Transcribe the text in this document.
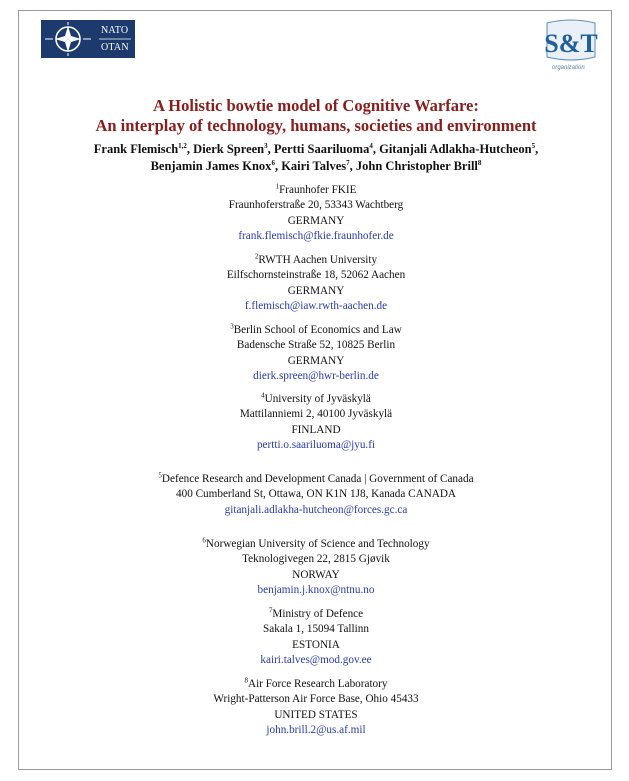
NATO
OTAN	S&T
organization
A Holistic bowtie model of Cognitive Warfare:
An interplay of technology, humans, societies and environment
Frank Flemisch$^{1,2}$, Dierk Spreen$^3$, Pertti Saariluoma$^4$, Gitanjali Adlakha-Hutcheon$^5$,
Benjamin James Knox$^6$, Kairi Talves$^7$, John Christopher Brill$^8$
$^1$Fraunhofer FKIE
Fraunhoferstraße 20, 53343 Wachtberg
GERMANY
frank.flemisch@fkie.fraunhofer.de
$^2$RWTH Aachen University
Eilfschornsteinstraße 18, 52062 Aachen
GERMANY
f.flemisch@iaw.rwth-aachen.de
$^3$Berlin School of Economics and Law
Badensche Straße 52, 10825 Berlin
GERMANY
dierk.spreen@hwr-berlin.de
$^4$University of Jyväskylä
Mattilanniemi 2, 40100 Jyväskylä
FINLAND
pertti.o.saariluoma@jyu.fi
$^5$Defence Research and Development Canada | Government of Canada
400 Cumberland St, Ottawa, ON K1N 1J8, Kanada CANADA
gitanjali.adlakha-hutcheon@forces.gc.ca
$^6$Norwegian University of Science and Technology
Teknologivegen 22, 2815 Gjøvik
NORWAY
benjamin.j.knox@ntnu.no
$^7$Ministry of Defence
Sakala 1, 15094 Tallinn
ESTONIA
kairi.talves@mod.gov.ee
$^8$Air Force Research Laboratory
Wright-Patterson Air Force Base, Ohio 45433
UNITED STATES
john.brill.2@us.af.mil
